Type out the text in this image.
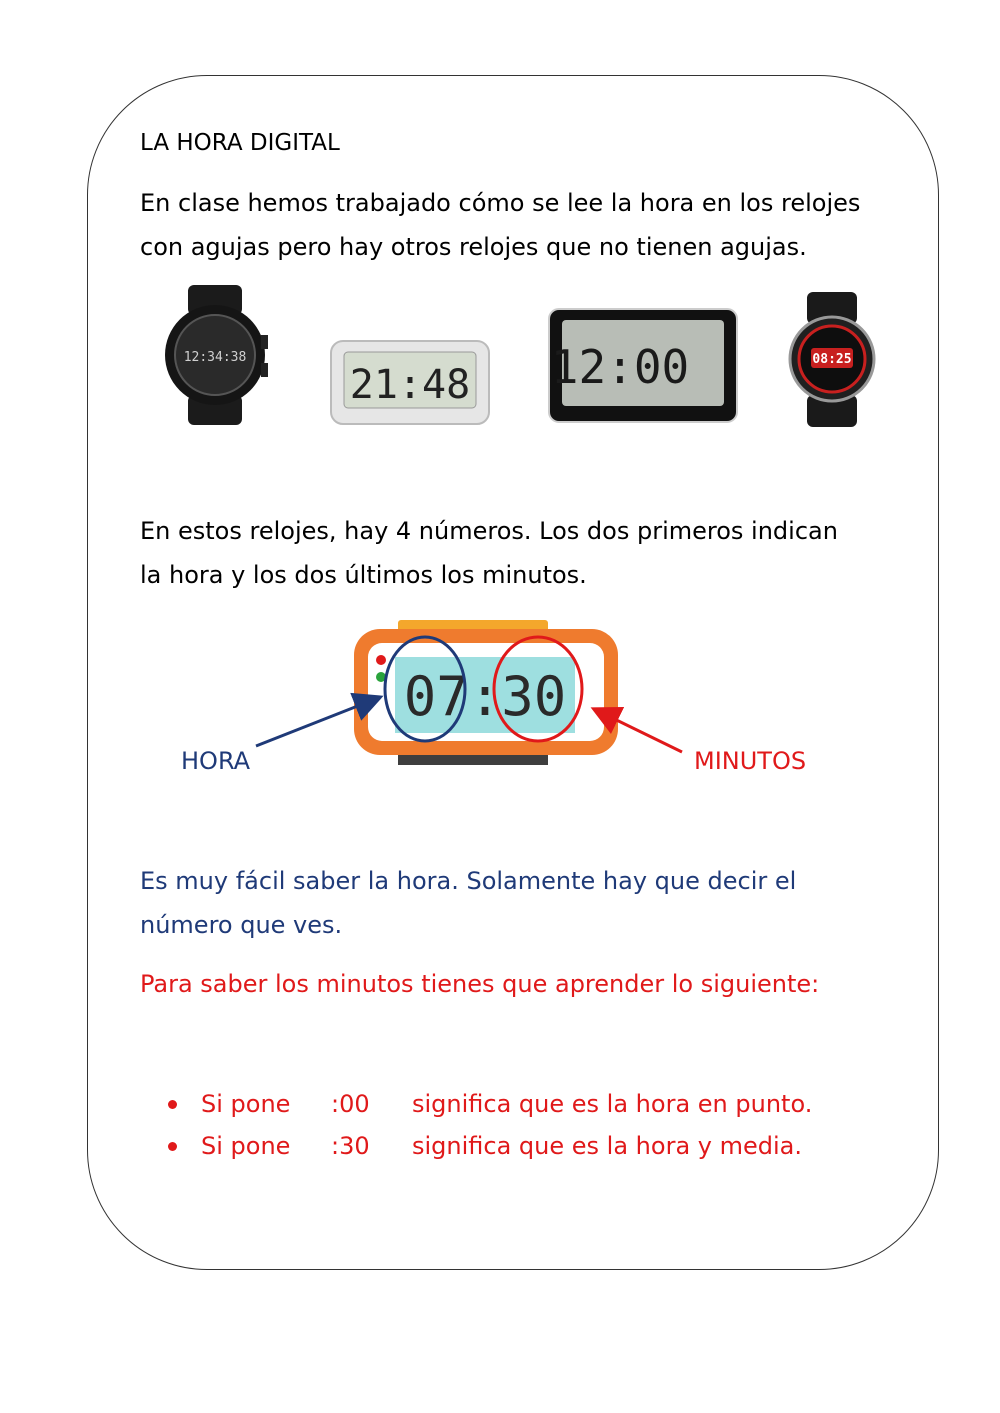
LA HORA DIGITAL
En clase hemos trabajado cómo se lee la hora en los relojes
con agujas pero hay otros relojes que no tienen agujas.
12:34:38
21:48 12:00	08:25
En estos relojes, hay 4 números. Los dos primeros indican
la hora y los dos últimos los minutos.
07:30
HORA	MINUTOS
Es muy fácil saber la hora. Solamente hay que decir el
número que ves.
Para saber los minutos tienes que aprender lo siguiente:
Si pone :00 significa que es la hora en punto.
Si pone :30 significa que es la hora y media.
